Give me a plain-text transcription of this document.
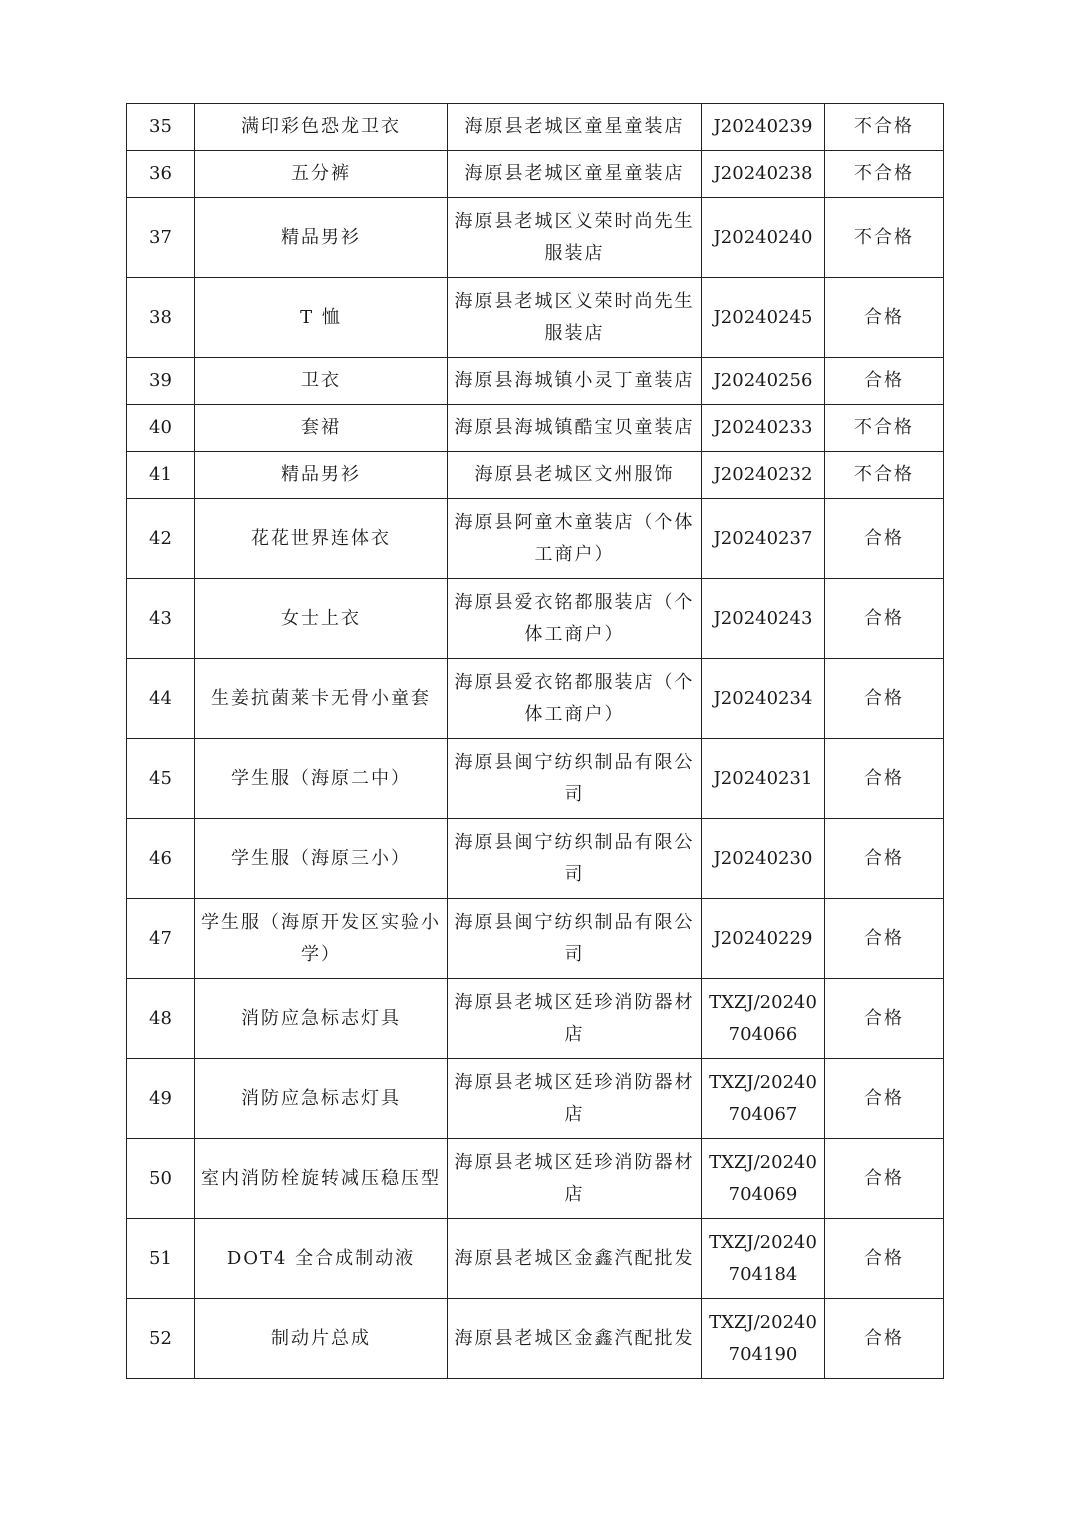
35	满印彩色恐龙卫衣	海原县老城区童星童装店	J20240239	不合格
36	五分裤	海原县老城区童星童装店	J20240238	不合格
37	精品男衫	海原县老城区义荣时尚先生服装店	J20240240	不合格
38	T 恤	海原县老城区义荣时尚先生服装店	J20240245	合格
39	卫衣	海原县海城镇小灵丁童装店	J20240256	合格
40	套裙	海原县海城镇酷宝贝童装店	J20240233	不合格
41	精品男衫	海原县老城区文州服饰	J20240232	不合格
42	花花世界连体衣	海原县阿童木童装店（个体工商户）	J20240237	合格
43	女士上衣	海原县爱衣铭都服装店（个体工商户）	J20240243	合格
44	生姜抗菌莱卡无骨小童套	海原县爱衣铭都服装店（个体工商户）	J20240234	合格
45	学生服（海原二中）	海原县闽宁纺织制品有限公司	J20240231	合格
46	学生服（海原三小）	海原县闽宁纺织制品有限公司	J20240230	合格
47	学生服（海原开发区实验小学）	海原县闽宁纺织制品有限公司	J20240229	合格
48	消防应急标志灯具	海原县老城区廷珍消防器材店	TXZJ/20240704066	合格
49	消防应急标志灯具	海原县老城区廷珍消防器材店	TXZJ/20240704067	合格
50	室内消防栓旋转减压稳压型	海原县老城区廷珍消防器材店	TXZJ/20240704069	合格
51	DOT4 全合成制动液	海原县老城区金鑫汽配批发	TXZJ/20240704184	合格
52	制动片总成	海原县老城区金鑫汽配批发	TXZJ/20240704190	合格
